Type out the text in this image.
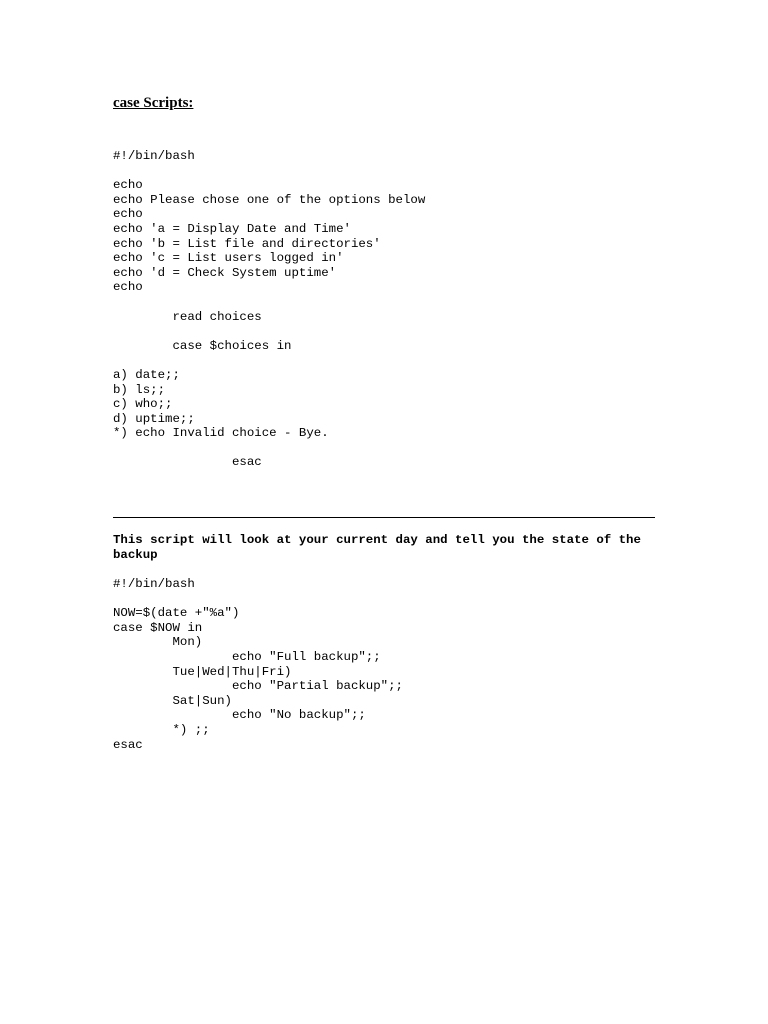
case Scripts:
#!/bin/bash
echo
echo Please chose one of the options below
echo
echo 'a = Display Date and Time'
echo 'b = List file and directories'
echo 'c = List users logged in'
echo 'd = Check System uptime'
echo
read choices
case $choices in
a) date;;
b) ls;;
c) who;;
d) uptime;;
*) echo Invalid choice - Bye.
esac

This script will look at your current day and tell you the state of the backup

#!/bin/bash
NOW=$(date +"%a")
case $NOW in
Mon)
echo "Full backup";;
Tue|Wed|Thu|Fri)
echo "Partial backup";;
Sat|Sun)
echo "No backup";;
*) ;;
esac
